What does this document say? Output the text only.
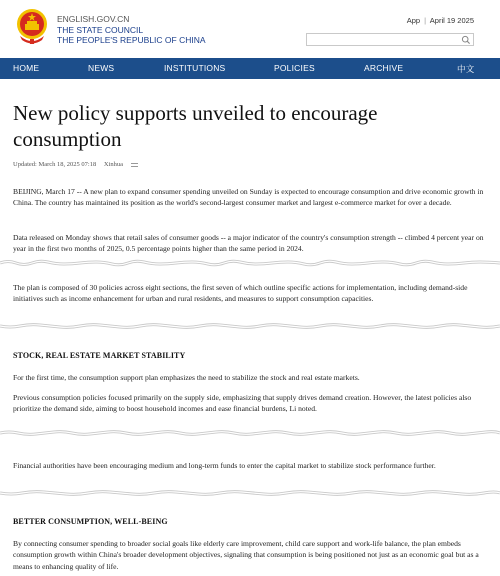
ENGLISH.GOV.CN
THE STATE COUNCIL
THE PEOPLE'S REPUBLIC OF CHINA
App | April 19 2025
HOME	NEWS	INSTITUTIONS	POLICIES	ARCHIVE	中文
New policy supports unveiled to encourage consumption
Updated: March 18, 2025 07:18 Xinhua

BEIJING, March 17 -- A new plan to expand consumer spending unveiled on Sunday is expected to encourage consumption and drive economic growth in China. The country has maintained its position as the world's second-largest consumer market and largest e-commerce market for over a decade.

Data released on Monday shows that retail sales of consumer goods -- a major indicator of the country's consumption strength -- climbed 4 percent year on year in the first two months of 2025, 0.5 percentage points higher than the same period in 2024.

The plan is composed of 30 policies across eight sections, the first seven of which outline specific actions for implementation, including demand-side initiatives such as income enhancement for urban and rural residents, and measures to support consumption capacities.

STOCK, REAL ESTATE MARKET STABILITY

For the first time, the consumption support plan emphasizes the need to stabilize the stock and real estate markets.

Previous consumption policies focused primarily on the supply side, emphasizing that supply drives demand creation. However, the latest policies also prioritize the demand side, aiming to boost household incomes and ease financial burdens, Li noted.

Financial authorities have been encouraging medium and long-term funds to enter the capital market to stabilize stock performance further.

BETTER CONSUMPTION, WELL-BEING

By connecting consumer spending to broader social goals like elderly care improvement, child care support and work-life balance, the plan embeds consumption growth within China's broader development objectives, signaling that consumption is being positioned not just as an economic goal but as a means to enhancing quality of life.
